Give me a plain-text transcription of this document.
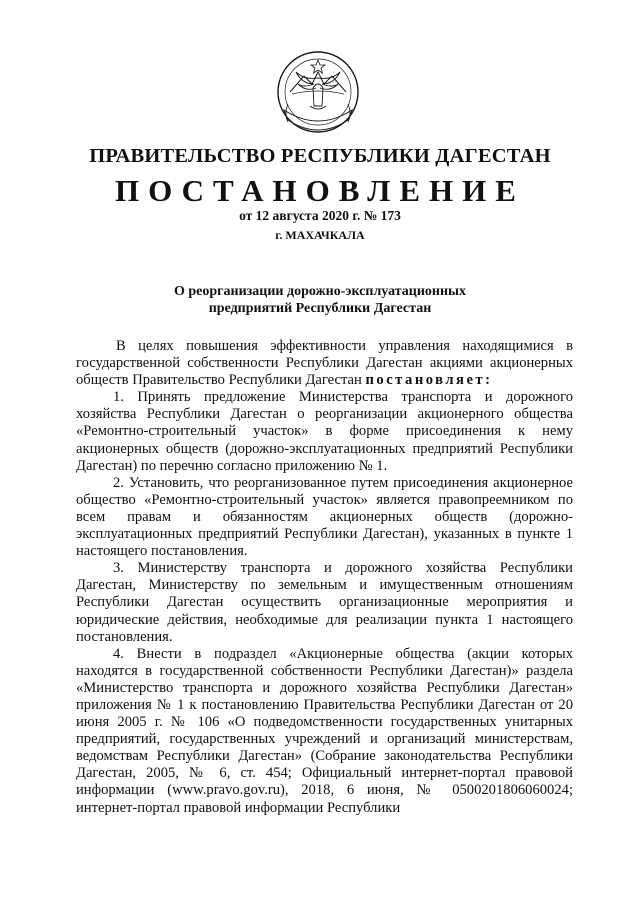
ПРАВИТЕЛЬСТВО РЕСПУБЛИКИ ДАГЕСТАН
ПОСТАНОВЛЕНИЕ
от 12 августа 2020 г. № 173
г. МАХАЧКАЛА
О реорганизации дорожно-эксплуатационных
предприятий Республики Дагестан

В целях повышения эффективности управления находящимися в государственной собственности Республики Дагестан акциями акционерных обществ Правительство Республики Дагестан постановляет:

1. Принять предложение Министерства транспорта и дорожного хозяйства Республики Дагестан о реорганизации акционерного общества «Ремонтно-строительный участок» в форме присоединения к нему акционерных обществ (дорожно-эксплуатационных предприятий Республики Дагестан) по перечню согласно приложению № 1.

2. Установить, что реорганизованное путем присоединения акционерное общество «Ремонтно-строительный участок» является правопреемником по всем правам и обязанностям акционерных обществ (дорожно-эксплуатационных предприятий Республики Дагестан), указанных в пункте 1 настоящего постановления.

3. Министерству транспорта и дорожного хозяйства Республики Дагестан, Министерству по земельным и имущественным отношениям Республики Дагестан осуществить организационные мероприятия и юридические действия, необходимые для реализации пункта 1 настоящего постановления.

4. Внести в подраздел «Акционерные общества (акции которых находятся в государственной собственности Республики Дагестан)» раздела «Министерство транспорта и дорожного хозяйства Республики Дагестан» приложения № 1 к постановлению Правительства Республики Дагестан от 20 июня 2005 г. № 106 «О подведомственности государственных унитарных предприятий, государственных учреждений и организаций министерствам, ведомствам Республики Дагестан» (Собрание законодательства Республики Дагестан, 2005, № 6, ст. 454; Официальный интернет-портал правовой информации (www.pravo.gov.ru), 2018, 6 июня, № 0500201806060024; интернет-портал правовой информации Республики
